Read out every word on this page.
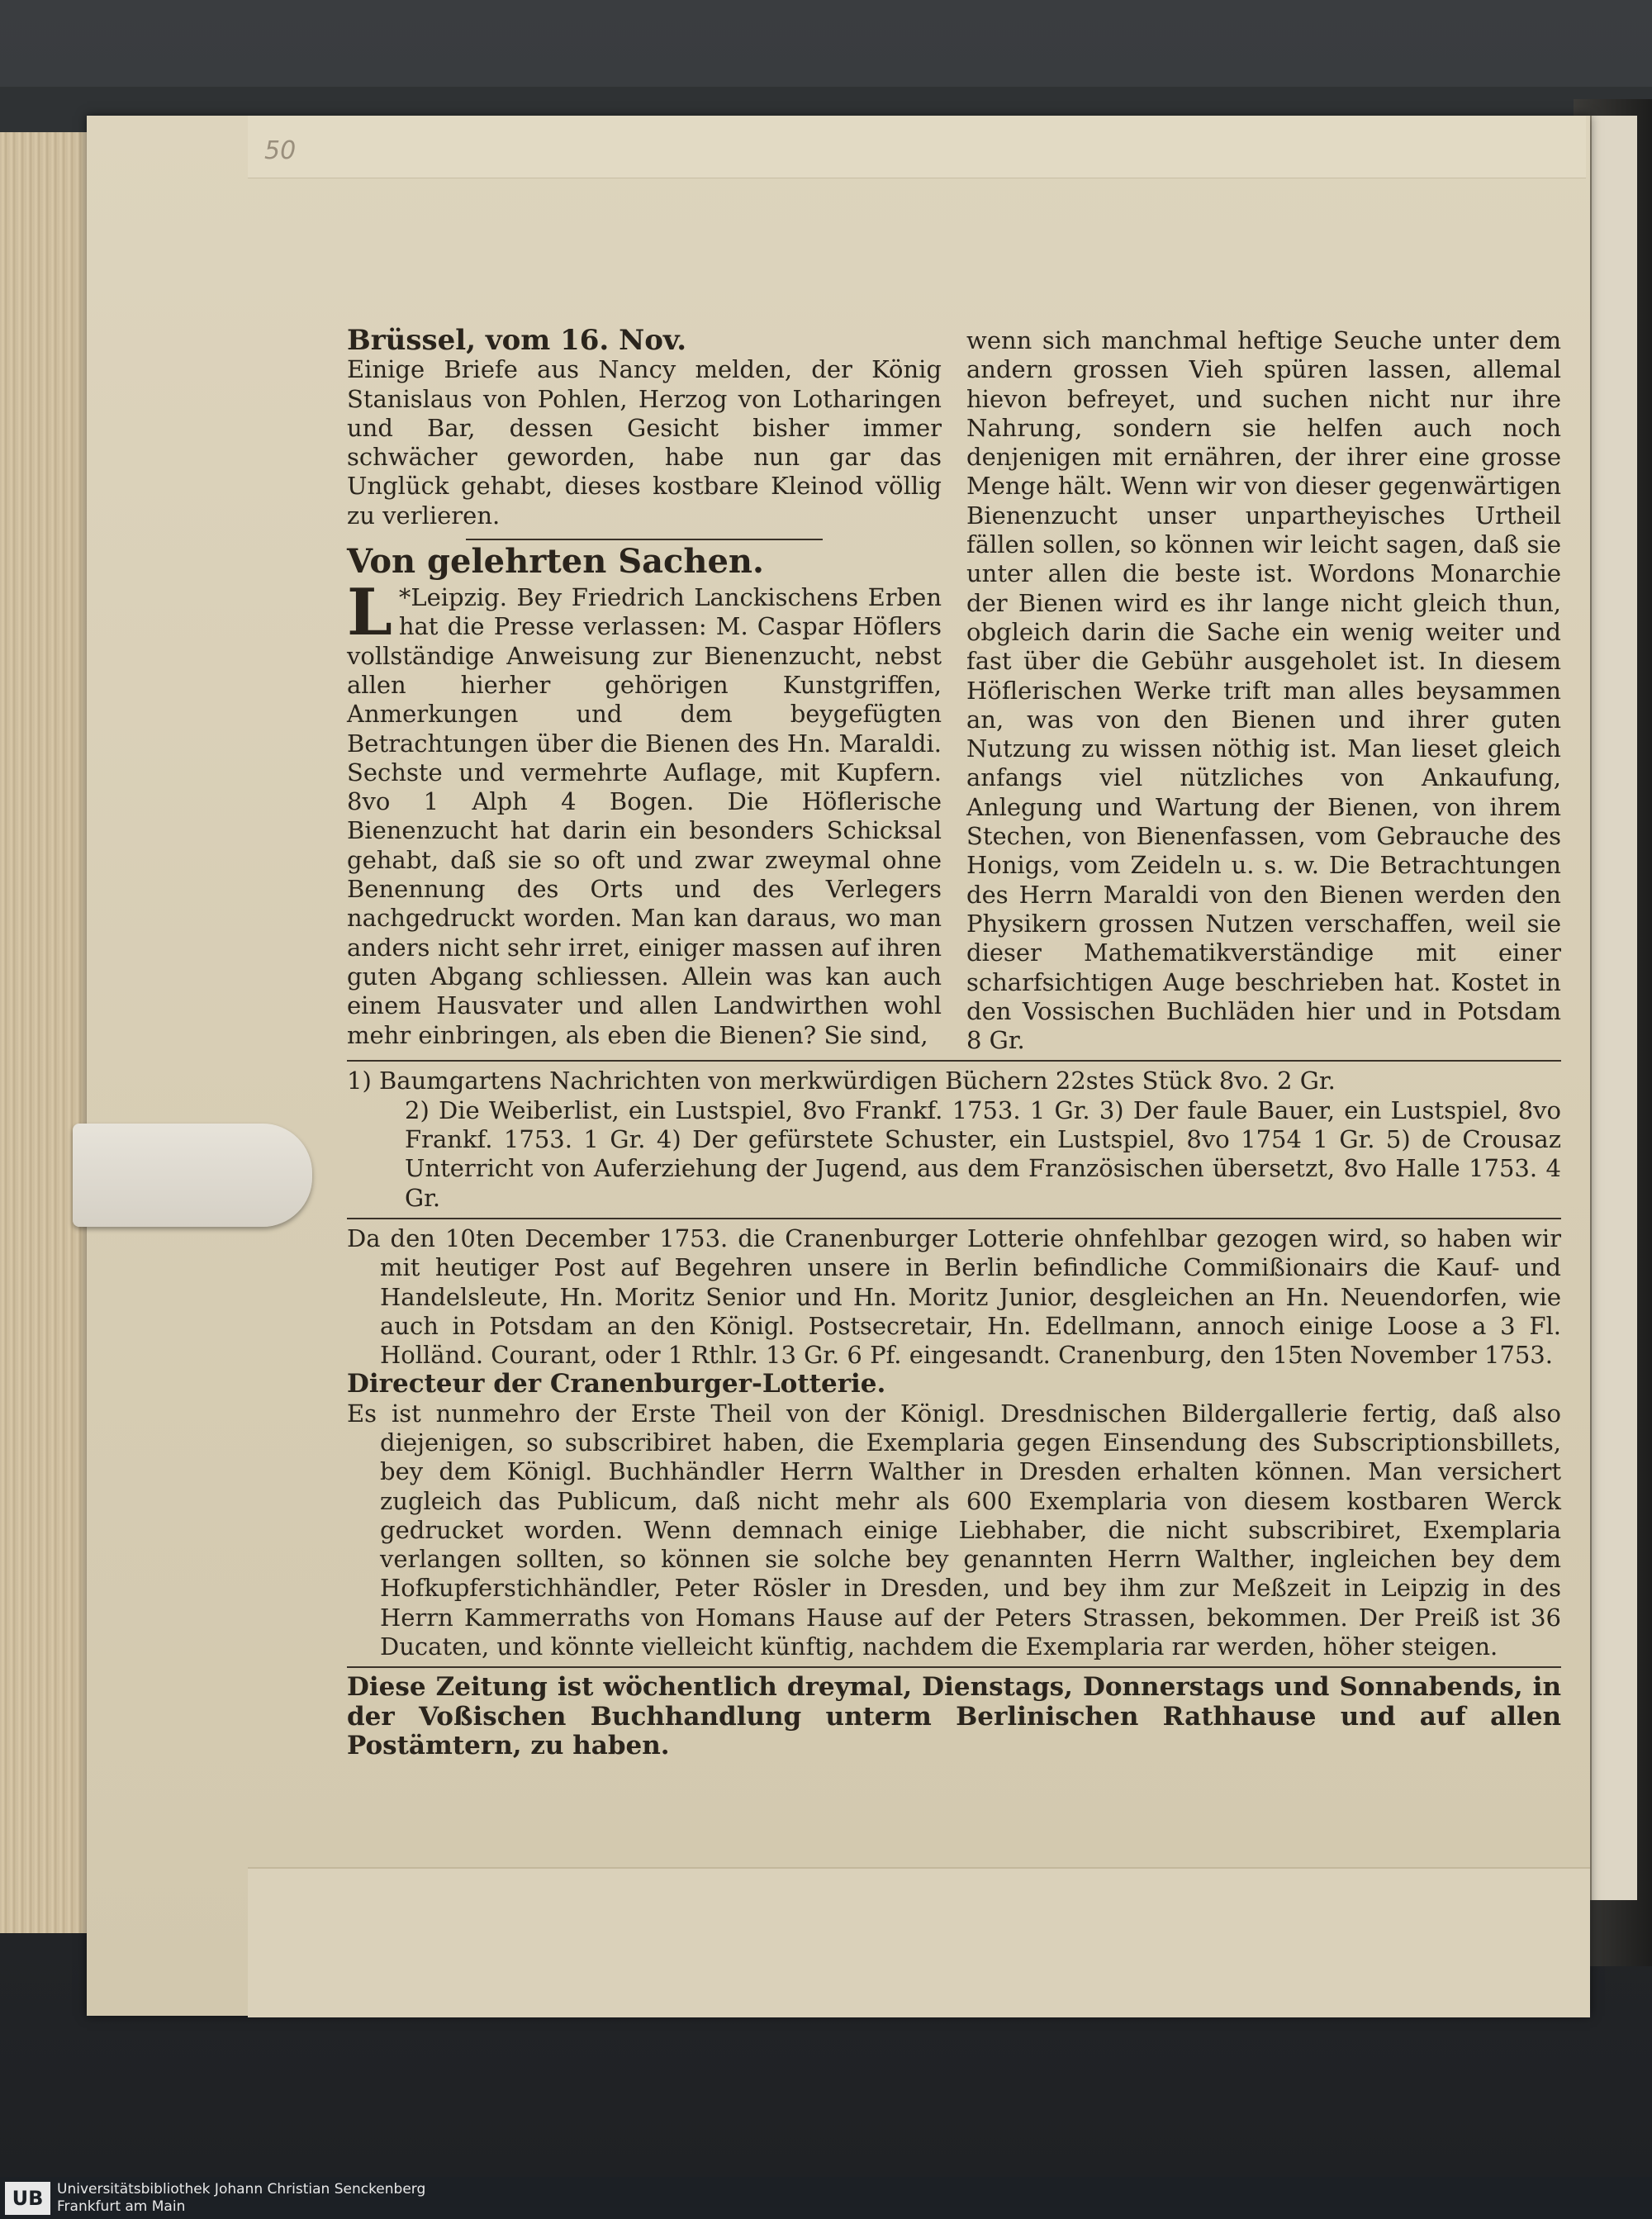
50

Brüssel, vom 16. Nov.

Einige Briefe aus Nancy melden, der König Stanislaus von Pohlen, Herzog von Lotharingen und Bar, dessen Gesicht bisher immer schwächer geworden, habe nun gar das Unglück gehabt, dieses kostbare Kleinod völlig zu verlieren.

Von gelehrten Sachen.

L *Leipzig. Bey Friedrich Lanckischens Erben hat die Presse verlassen: M. Caspar Höflers vollständige Anweisung zur Bienenzucht, nebst allen hierher gehörigen Kunstgriffen, Anmerkungen und dem beygefügten Betrachtungen über die Bienen des Hn. Maraldi. Sechste und vermehrte Auflage, mit Kupfern. 8vo 1 Alph 4 Bogen. Die Höflerische Bienenzucht hat darin ein besonders Schicksal gehabt, daß sie so oft und zwar zweymal ohne Benennung des Orts und des Verlegers nachgedruckt worden. Man kan daraus, wo man anders nicht sehr irret, einiger massen auf ihren guten Abgang schliessen. Allein was kan auch einem Hausvater und allen Landwirthen wohl mehr einbringen, als eben die Bienen? Sie sind,

wenn sich manchmal heftige Seuche unter dem andern grossen Vieh spüren lassen, allemal hievon befreyet, und suchen nicht nur ihre Nahrung, sondern sie helfen auch noch denjenigen mit ernähren, der ihrer eine grosse Menge hält. Wenn wir von dieser gegenwärtigen Bienenzucht unser unpartheyisches Urtheil fällen sollen, so können wir leicht sagen, daß sie unter allen die beste ist. Wordons Monarchie der Bienen wird es ihr lange nicht gleich thun, obgleich darin die Sache ein wenig weiter und fast über die Gebühr ausgeholet ist. In diesem Höflerischen Werke trift man alles beysammen an, was von den Bienen und ihrer guten Nutzung zu wissen nöthig ist. Man lieset gleich anfangs viel nützliches von Ankaufung, Anlegung und Wartung der Bienen, von ihrem Stechen, von Bienenfassen, vom Gebrauche des Honigs, vom Zeideln u. s. w. Die Betrachtungen des Herrn Maraldi von den Bienen werden den Physikern grossen Nutzen verschaffen, weil sie dieser Mathematikverständige mit einer scharfsichtigen Auge beschrieben hat. Kostet in den Vossischen Buchläden hier und in Potsdam 8 Gr.

1) Baumgartens Nachrichten von merkwürdigen Büchern 22stes Stück 8vo. 2 Gr.

2) Die Weiberlist, ein Lustspiel, 8vo Frankf. 1753. 1 Gr. 3) Der faule Bauer, ein Lustspiel, 8vo Frankf. 1753. 1 Gr. 4) Der gefürstete Schuster, ein Lustspiel, 8vo 1754 1 Gr. 5) de Crousaz Unterricht von Auferziehung der Jugend, aus dem Französischen übersetzt, 8vo Halle 1753. 4 Gr.

Da den 10ten December 1753. die Cranenburger Lotterie ohnfehlbar gezogen wird, so haben wir mit heutiger Post auf Begehren unsere in Berlin befindliche Commißionairs die Kauf- und Handelsleute, Hn. Moritz Senior und Hn. Moritz Junior, desgleichen an Hn. Neuendorfen, wie auch in Potsdam an den Königl. Postsecretair, Hn. Edellmann, annoch einige Loose a 3 Fl. Holländ. Courant, oder 1 Rthlr. 13 Gr. 6 Pf. eingesandt. Cranenburg, den 15ten November 1753.

Directeur der Cranenburger-Lotterie.

Es ist nunmehro der Erste Theil von der Königl. Dresdnischen Bildergallerie fertig, daß also diejenigen, so subscribiret haben, die Exemplaria gegen Einsendung des Subscriptionsbillets, bey dem Königl. Buchhändler Herrn Walther in Dresden erhalten können. Man versichert zugleich das Publicum, daß nicht mehr als 600 Exemplaria von diesem kostbaren Werck gedrucket worden. Wenn demnach einige Liebhaber, die nicht subscribiret, Exemplaria verlangen sollten, so können sie solche bey genannten Herrn Walther, ingleichen bey dem Hofkupferstichhändler, Peter Rösler in Dresden, und bey ihm zur Meßzeit in Leipzig in des Herrn Kammerraths von Homans Hause auf der Peters Strassen, bekommen. Der Preiß ist 36 Ducaten, und könnte vielleicht künftig, nachdem die Exemplaria rar werden, höher steigen.

Diese Zeitung ist wöchentlich dreymal, Dienstags, Donnerstags und Sonnabends, in der Voßischen Buchhandlung unterm Berlinischen Rathhause und auf allen Postämtern, zu haben.

UB Universitätsbibliothek Johann Christian Senckenberg
Frankfurt am Main
